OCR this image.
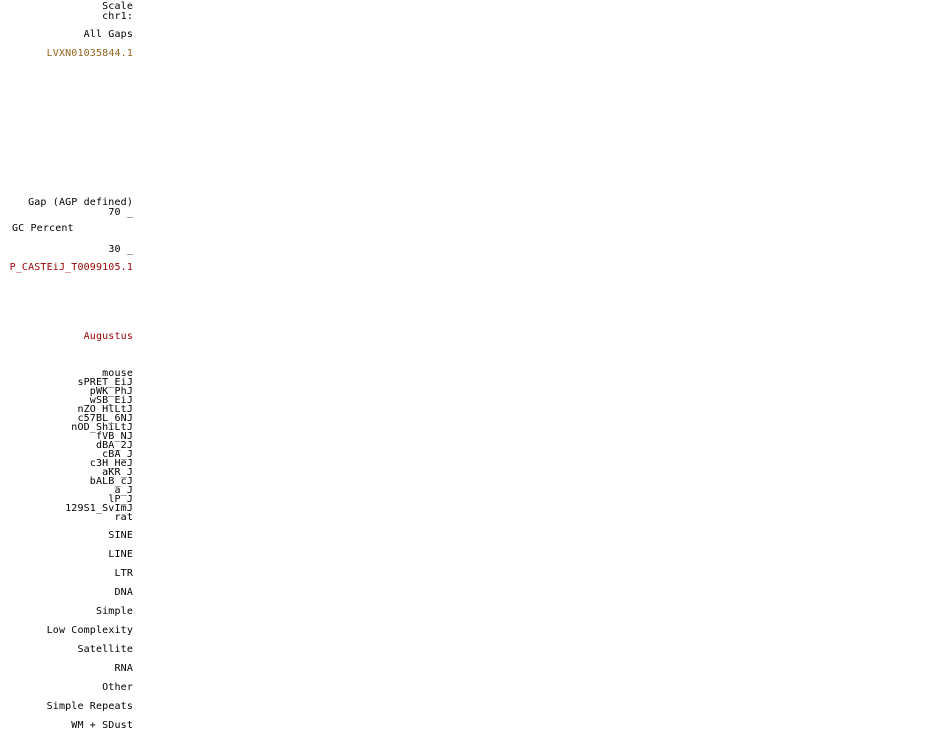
Scale
chr1:
All Gaps
LVXN01035844.1
Gap (AGP defined)
70 _
GC Percent
30 _
P_CASTEiJ_T0099105.1
Augustus
mouse
sPRET_EiJ
pWK_PhJ
wSB_EiJ
nZO_HlLtJ
c57BL_6NJ
nOD_ShiLtJ
fVB_NJ
dBA_2J
cBA_J
c3H_HeJ
aKR_J
bALB_cJ
a_J
lP_J
129S1_SvImJ
rat
SINE
LINE
LTR
DNA
Simple
Low Complexity
Satellite
RNA
Other
Simple Repeats
WM + SDust
